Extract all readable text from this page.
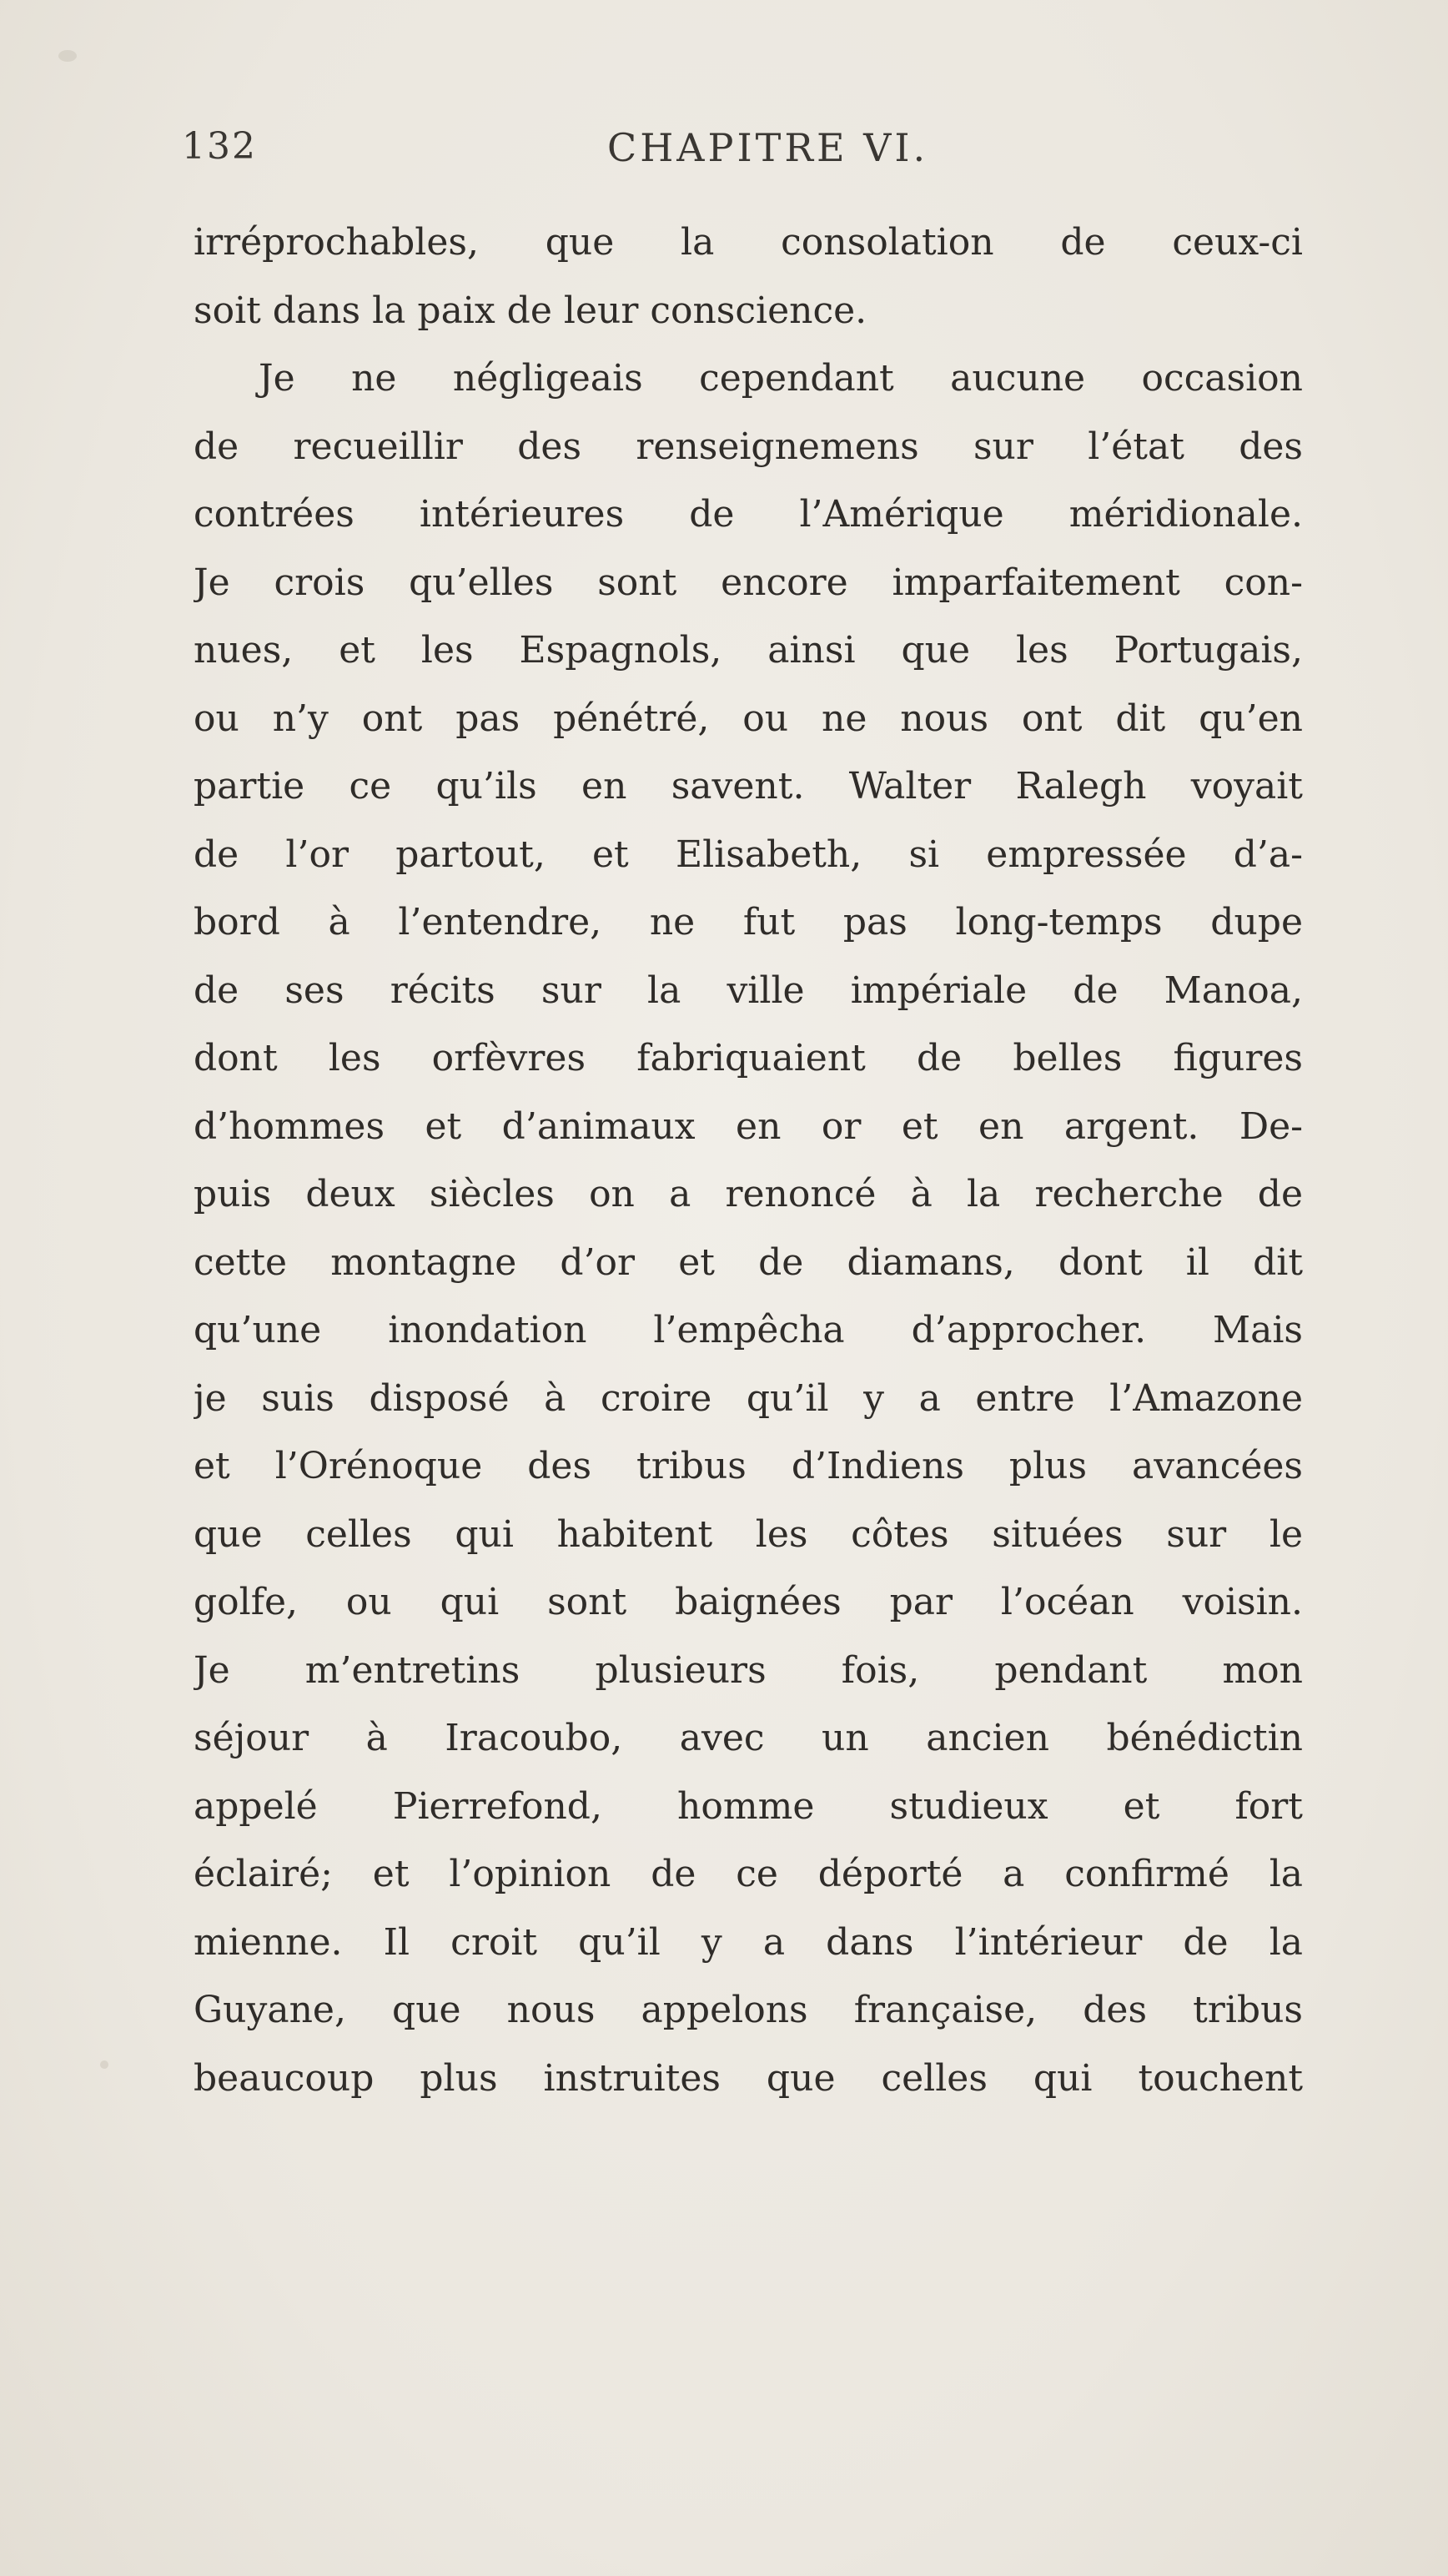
132	CHAPITRE VI.
irréprochables, que la consolation de ceux-ci
soit dans la paix de leur conscience.
Je ne négligeais cependant aucune occasion
de recueillir des renseignemens sur l’état des
contrées intérieures de l’Amérique méridionale.
Je crois qu’elles sont encore imparfaitement con-
nues, et les Espagnols, ainsi que les Portugais,
ou n’y ont pas pénétré, ou ne nous ont dit qu’en
partie ce qu’ils en savent. Walter Ralegh voyait
de l’or partout, et Elisabeth, si empressée d’a-
bord à l’entendre, ne fut pas long-temps dupe
de ses récits sur la ville impériale de Manoa,
dont les orfèvres fabriquaient de belles figures
d’hommes et d’animaux en or et en argent. De-
puis deux siècles on a renoncé à la recherche de
cette montagne d’or et de diamans, dont il dit
qu’une inondation l’empêcha d’approcher. Mais
je suis disposé à croire qu’il y a entre l’Amazone
et l’Orénoque des tribus d’Indiens plus avancées
que celles qui habitent les côtes situées sur le
golfe, ou qui sont baignées par l’océan voisin.
Je m’entretins plusieurs fois, pendant mon
séjour à Iracoubo, avec un ancien bénédictin
appelé Pierrefond, homme studieux et fort
éclairé; et l’opinion de ce déporté a confirmé la
mienne. Il croit qu’il y a dans l’intérieur de la
Guyane, que nous appelons française, des tribus
beaucoup plus instruites que celles qui touchent
